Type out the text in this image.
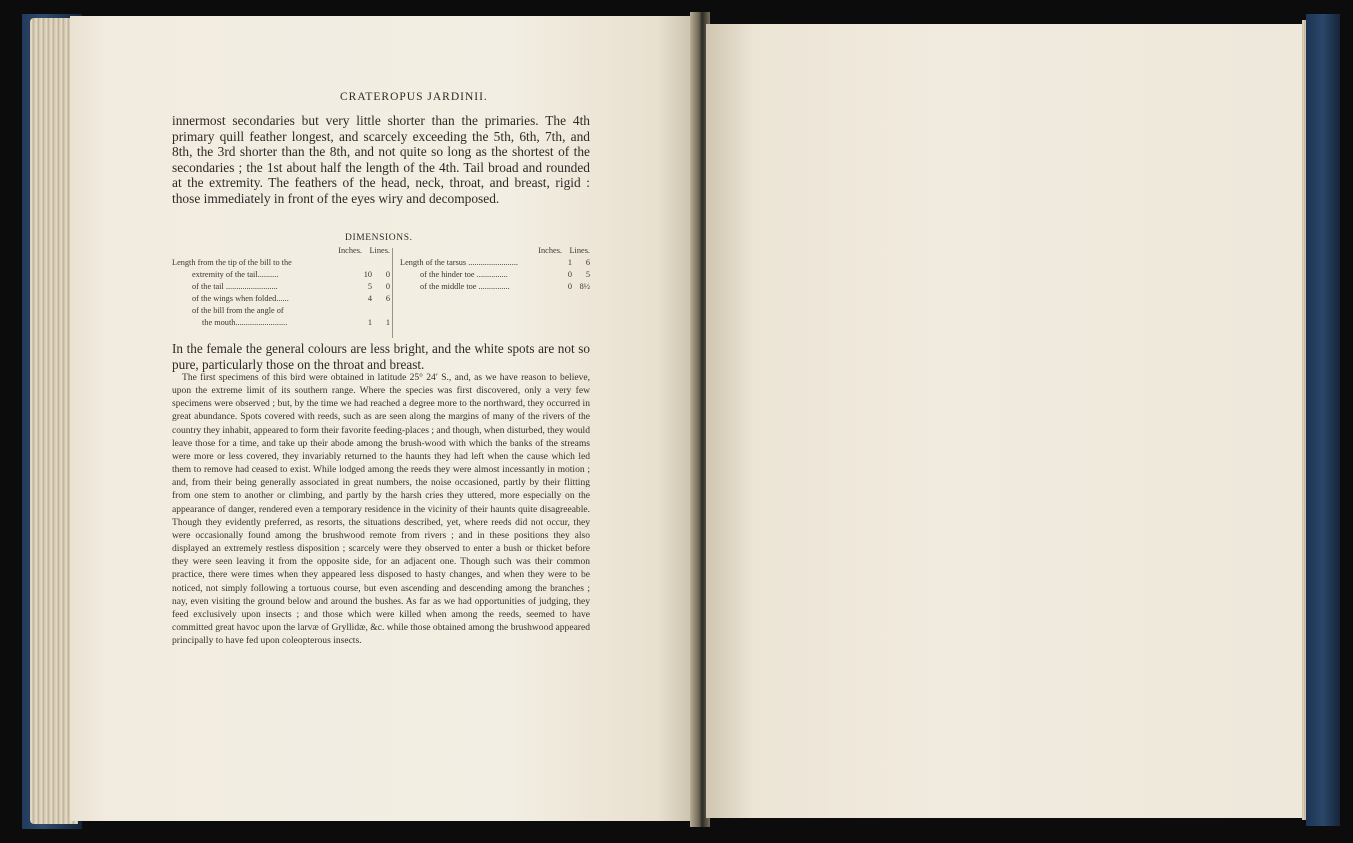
CRATEROPUS JARDINII.
innermost secondaries but very little shorter than the primaries. The 4th primary quill feather longest, and scarcely exceeding the 5th, 6th, 7th, and 8th, the 3rd shorter than the 8th, and not quite so long as the shortest of the secondaries ; the 1st about half the length of the 4th. Tail broad and rounded at the extremity. The feathers of the head, neck, throat, and breast, rigid : those immediately in front of the eyes wiry and decomposed.
DIMENSIONS.
Inches. Lines.
Length from the tip of the bill to the
extremity of the tail..........	10	0
of the tail .........................	5	0
of the wings when folded......	4	6
of the bill from the angle of
the mouth.........................	1	1
Inches. Lines.
Length of the tarsus ........................	1	6
of the hinder toe ...............	0	5
of the middle toe ...............	0 8½
In the female the general colours are less bright, and the white spots are not so pure, particularly those on the throat and breast.

The first specimens of this bird were obtained in latitude 25° 24′ S., and, as we have reason to believe, upon the extreme limit of its southern range. Where the species was first discovered, only a very few specimens were observed ; but, by the time we had reached a degree more to the northward, they occurred in great abundance. Spots covered with reeds, such as are seen along the margins of many of the rivers of the country they inhabit, appeared to form their favorite feeding-places ; and though, when disturbed, they would leave those for a time, and take up their abode among the brush-wood with which the banks of the streams were more or less covered, they invariably returned to the haunts they had left when the cause which led them to remove had ceased to exist. While lodged among the reeds they were almost incessantly in motion ; and, from their being generally associated in great numbers, the noise occasioned, partly by their flitting from one stem to another or climbing, and partly by the harsh cries they uttered, more especially on the appearance of danger, rendered even a temporary residence in the vicinity of their haunts quite disagreeable. Though they evidently preferred, as resorts, the situations described, yet, where reeds did not occur, they were occasionally found among the brushwood remote from rivers ; and in these positions they also displayed an extremely restless disposition ; scarcely were they observed to enter a bush or thicket before they were seen leaving it from the opposite side, for an adjacent one. Though such was their common practice, there were times when they appeared less disposed to hasty changes, and when they were to be noticed, not simply following a tortuous course, but even ascending and descending among the branches ; nay, even visiting the ground below and around the bushes. As far as we had opportunities of judging, they feed exclusively upon insects ; and those which were killed when among the reeds, seemed to have committed great havoc upon the larvæ of Gryllidæ, &c. while those obtained among the brushwood appeared principally to have fed upon coleopterous insects.
